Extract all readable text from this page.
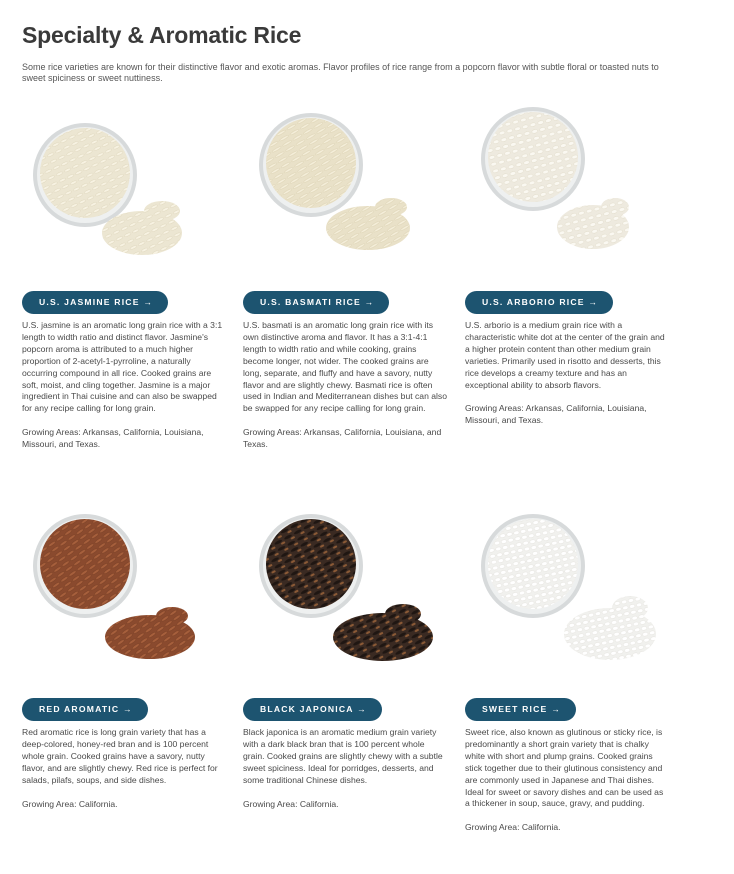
Specialty & Aromatic Rice
Some rice varieties are known for their distinctive flavor and exotic aromas. Flavor profiles of rice range from a popcorn flavor with subtle floral or toasted nuts to sweet spiciness or sweet nuttiness.
U.S. JASMINE RICE →
U.S. jasmine is an aromatic long grain rice with a 3:1 length to width ratio and distinct flavor. Jasmine's popcorn aroma is attributed to a much higher proportion of 2-acetyl-1-pyrroline, a naturally occurring compound in all rice. Cooked grains are soft, moist, and cling together. Jasmine is a major ingredient in Thai cuisine and can also be swapped for any recipe calling for long grain.
Growing Areas: Arkansas, California, Louisiana, Missouri, and Texas.
U.S. BASMATI RICE →
U.S. basmati is an aromatic long grain rice with its own distinctive aroma and flavor. It has a 3:1-4:1 length to width ratio and while cooking, grains become longer, not wider. The cooked grains are long, separate, and fluffy and have a savory, nutty flavor and are slightly chewy. Basmati rice is often used in Indian and Mediterranean dishes but can also be swapped for any recipe calling for long grain.
Growing Areas: Arkansas, California, Louisiana, and Texas.
U.S. ARBORIO RICE →
U.S. arborio is a medium grain rice with a characteristic white dot at the center of the grain and a higher protein content than other medium grain varieties. Primarily used in risotto and desserts, this rice develops a creamy texture and has an exceptional ability to absorb flavors.
Growing Areas: Arkansas, California, Louisiana, Missouri, and Texas.
RED AROMATIC →
Red aromatic rice is long grain variety that has a deep-colored, honey-red bran and is 100 percent whole grain. Cooked grains have a savory, nutty flavor, and are slightly chewy. Red rice is perfect for salads, pilafs, soups, and side dishes.
Growing Area: California.
BLACK JAPONICA →
Black japonica is an aromatic medium grain variety with a dark black bran that is 100 percent whole grain. Cooked grains are slightly chewy with a subtle sweet spiciness. Ideal for porridges, desserts, and some traditional Chinese dishes.
Growing Area: California.
SWEET RICE →
Sweet rice, also known as glutinous or sticky rice, is predominantly a short grain variety that is chalky white with short and plump grains. Cooked grains stick together due to their glutinous consistency and are commonly used in Japanese and Thai dishes. Ideal for sweet or savory dishes and can be used as a thickener in soup, sauce, gravy, and pudding.
Growing Area: California.
